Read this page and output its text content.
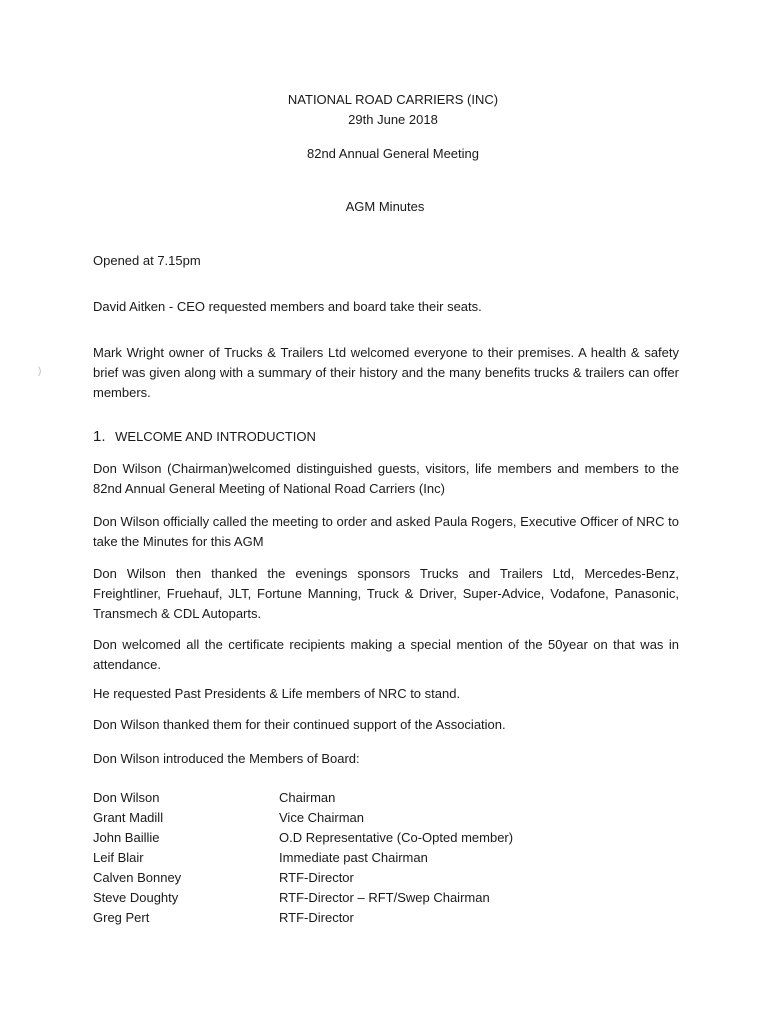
NATIONAL ROAD CARRIERS (INC)
29th June 2018
82nd Annual General Meeting
AGM Minutes
Opened at 7.15pm
David Aitken - CEO requested members and board take their seats.
)
Mark Wright owner of Trucks & Trailers Ltd welcomed everyone to their premises. A health & safety brief was given along with a summary of their history and the many benefits trucks & trailers can offer members.
1. WELCOME AND INTRODUCTION
Don Wilson (Chairman)welcomed distinguished guests, visitors, life members and members to the 82nd Annual General Meeting of National Road Carriers (Inc)
Don Wilson officially called the meeting to order and asked Paula Rogers, Executive Officer of NRC to take the Minutes for this AGM
Don Wilson then thanked the evenings sponsors Trucks and Trailers Ltd, Mercedes-Benz, Freightliner, Fruehauf, JLT, Fortune Manning, Truck & Driver, Super-Advice, Vodafone, Panasonic, Transmech & CDL Autoparts.
Don welcomed all the certificate recipients making a special mention of the 50year on that was in attendance.
He requested Past Presidents & Life members of NRC to stand.
Don Wilson thanked them for their continued support of the Association.
Don Wilson introduced the Members of Board:
Don Wilson	Chairman
Grant Madill	Vice Chairman
John Baillie	O.D Representative (Co-Opted member)
Leif Blair	Immediate past Chairman
Calven Bonney	RTF-Director
Steve Doughty	RTF-Director – RFT/Swep Chairman
Greg Pert	RTF-Director
